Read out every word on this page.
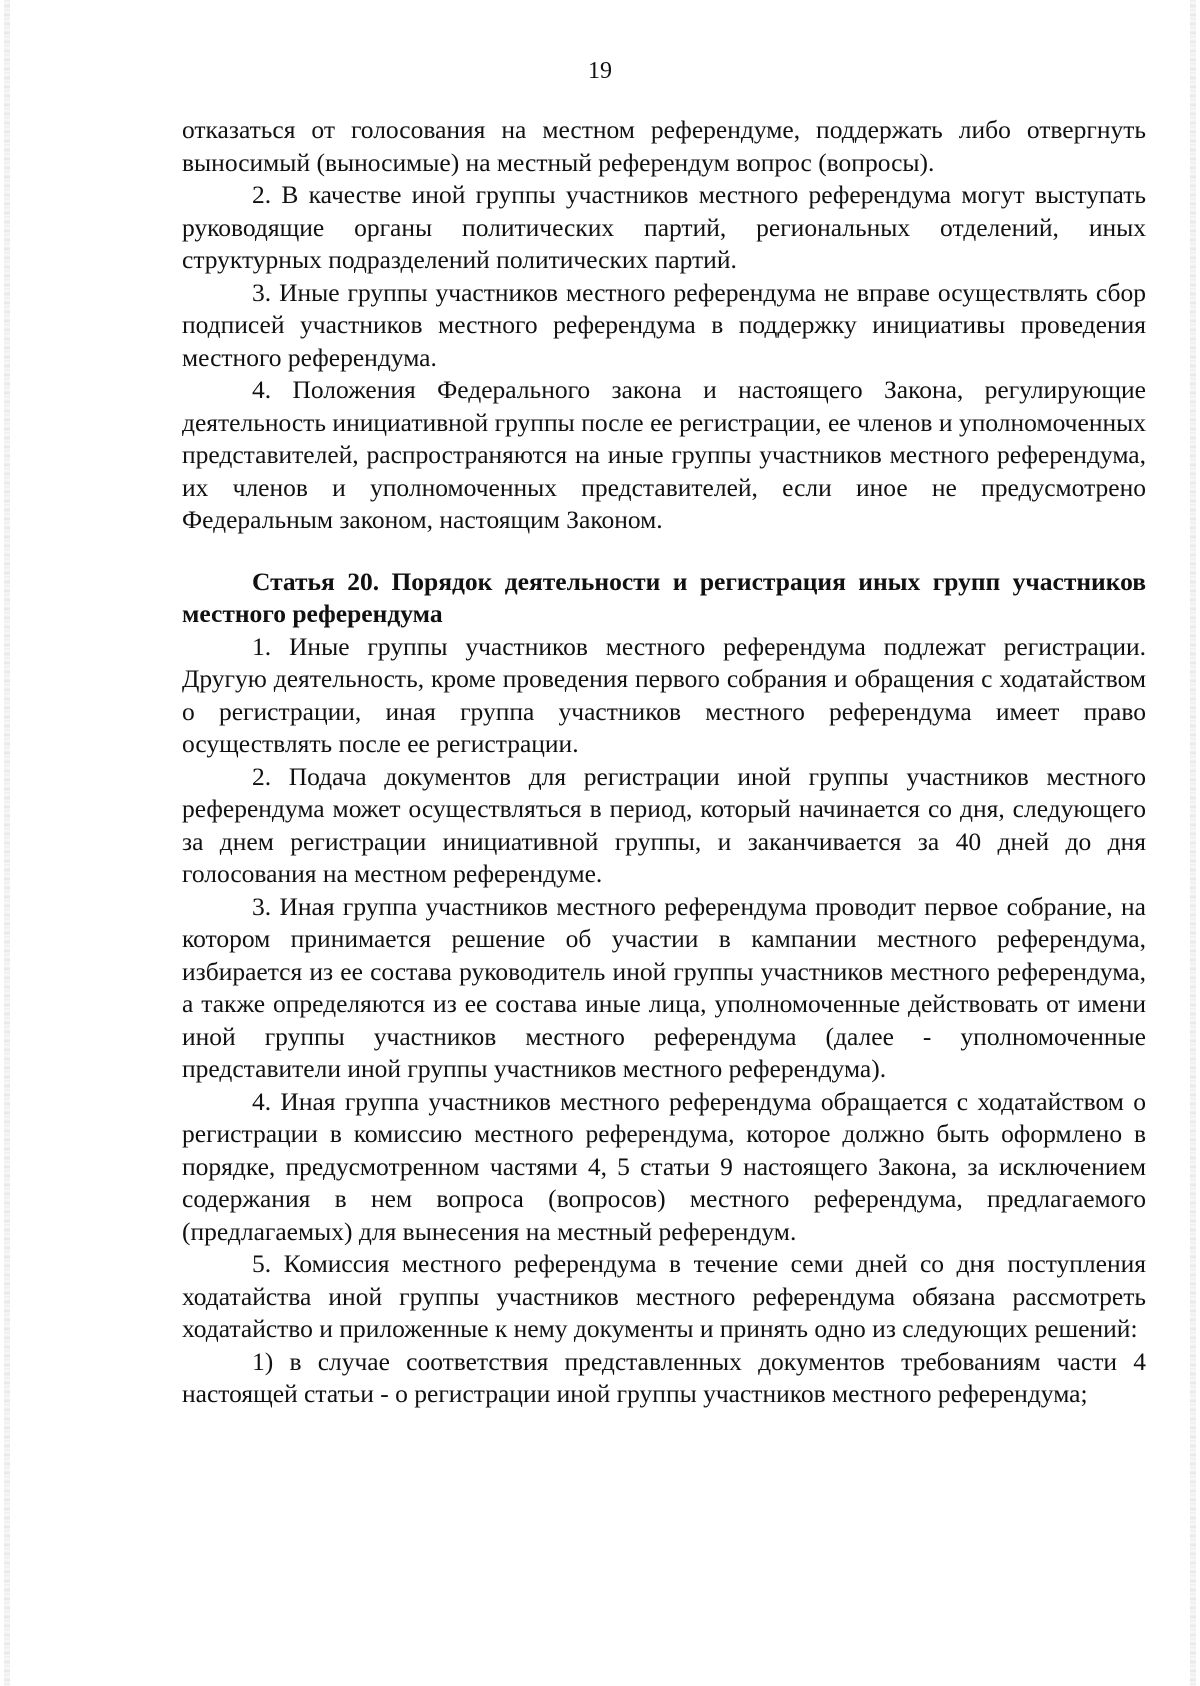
19

отказаться от голосования на местном референдуме, поддержать либо отвергнуть выносимый (выносимые) на местный референдум вопрос (вопросы).

2. В качестве иной группы участников местного референдума могут выступать руководящие органы политических партий, региональных отделений, иных структурных подразделений политических партий.

3. Иные группы участников местного референдума не вправе осуществлять сбор подписей участников местного референдума в поддержку инициативы проведения местного референдума.

4. Положения Федерального закона и настоящего Закона, регулирующие деятельность инициативной группы после ее регистрации, ее членов и уполномоченных представителей, распространяются на иные группы участников местного референдума, их членов и уполномоченных представителей, если иное не предусмотрено Федеральным законом, настоящим Законом.

Статья 20. Порядок деятельности и регистрация иных групп участников местного референдума

1. Иные группы участников местного референдума подлежат регистрации. Другую деятельность, кроме проведения первого собрания и обращения с ходатайством о регистрации, иная группа участников местного референдума имеет право осуществлять после ее регистрации.

2. Подача документов для регистрации иной группы участников местного референдума может осуществляться в период, который начинается со дня, следующего за днем регистрации инициативной группы, и заканчивается за 40 дней до дня голосования на местном референдуме.

3. Иная группа участников местного референдума проводит первое собрание, на котором принимается решение об участии в кампании местного референдума, избирается из ее состава руководитель иной группы участников местного референдума, а также определяются из ее состава иные лица, уполномоченные действовать от имени иной группы участников местного референдума (далее - уполномоченные представители иной группы участников местного референдума).

4. Иная группа участников местного референдума обращается с ходатайством о регистрации в комиссию местного референдума, которое должно быть оформлено в порядке, предусмотренном частями 4, 5 статьи 9 настоящего Закона, за исключением содержания в нем вопроса (вопросов) местного референдума, предлагаемого (предлагаемых) для вынесения на местный референдум.

5. Комиссия местного референдума в течение семи дней со дня поступления ходатайства иной группы участников местного референдума обязана рассмотреть ходатайство и приложенные к нему документы и принять одно из следующих решений:

1) в случае соответствия представленных документов требованиям части 4 настоящей статьи - о регистрации иной группы участников местного референдума;
